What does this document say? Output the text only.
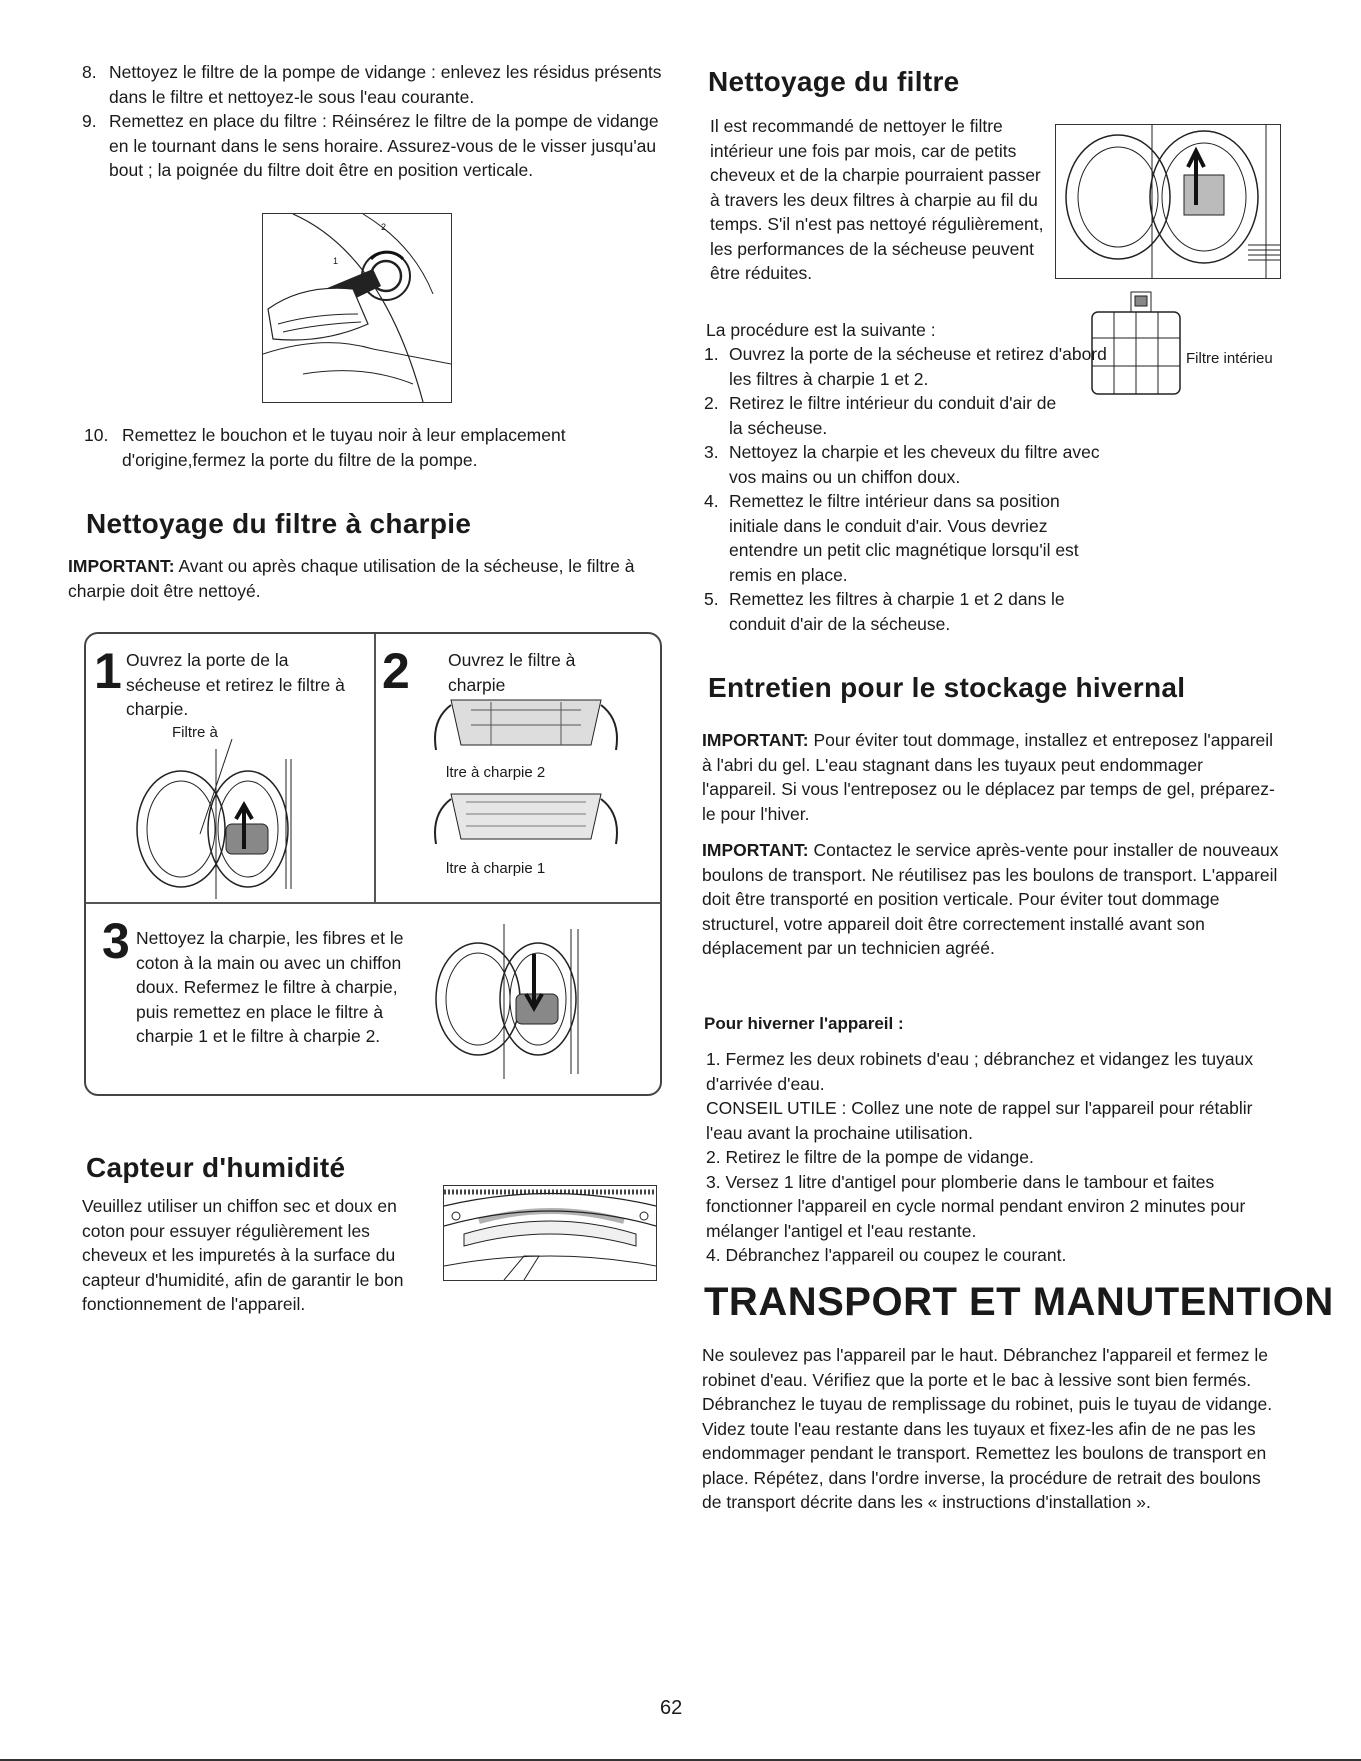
8. Nettoyez le filtre de la pompe de vidange : enlevez les résidus présents dans le filtre et nettoyez-le sous l'eau courante.
9. Remettez en place du filtre : Réinsérez le filtre de la pompe de vidange en le tournant dans le sens horaire. Assurez-vous de le visser jusqu'au bout ; la poignée du filtre doit être en position verticale.
2
1
10. Remettez le bouchon et le tuyau noir à leur emplacement d'origine,fermez la porte du filtre de la pompe.
Nettoyage du filtre à charpie

IMPORTANT: Avant ou après chaque utilisation de la sécheuse, le filtre à charpie doit être nettoyé.

1 Ouvrez la porte de la sécheuse et retirez le filtre à charpie.

Filtre à
2 Ouvrez le filtre à charpie

ltre à charpie 2
ltre à charpie 1
3 Nettoyez la charpie, les fibres et le coton à la main ou avec un chiffon doux. Refermez le filtre à charpie, puis remettez en place le filtre à charpie 1 et le filtre à charpie 2.

Capteur d'humidité

Veuillez utiliser un chiffon sec et doux en coton pour essuyer régulièrement les cheveux et les impuretés à la surface du capteur d'humidité, afin de garantir le bon fonctionnement de l'appareil.

Nettoyage du filtre

Il est recommandé de nettoyer le filtre intérieur une fois par mois, car de petits cheveux et de la charpie pourraient passer à travers les deux filtres à charpie au fil du temps. S'il n'est pas nettoyé régulièrement, les performances de la sécheuse peuvent être réduites.

Filtre intérieu

La procédure est la suivante :

1. Ouvrez la porte de la sécheuse et retirez d'abord les filtres à charpie 1 et 2.
2. Retirez le filtre intérieur du conduit d'air de la sécheuse.
3. Nettoyez la charpie et les cheveux du filtre avec vos mains ou un chiffon doux.
4. Remettez le filtre intérieur dans sa position initiale dans le conduit d'air. Vous devriez entendre un petit clic magnétique lorsqu'il est remis en place.
5. Remettez les filtres à charpie 1 et 2 dans le conduit d'air de la sécheuse.
Entretien pour le stockage hivernal

IMPORTANT: Pour éviter tout dommage, installez et entreposez l'appareil à l'abri du gel. L'eau stagnant dans les tuyaux peut endommager l'appareil. Si vous l'entreposez ou le déplacez par temps de gel, préparez-le pour l'hiver.

IMPORTANT: Contactez le service après-vente pour installer de nouveaux boulons de transport. Ne réutilisez pas les boulons de transport. L'appareil doit être transporté en position verticale. Pour éviter tout dommage structurel, votre appareil doit être correctement installé avant son déplacement par un technicien agréé.

Pour hiverner l'appareil :

1. Fermez les deux robinets d'eau ; débranchez et vidangez les tuyaux d'arrivée d'eau.

CONSEIL UTILE : Collez une note de rappel sur l'appareil pour rétablir l'eau avant la prochaine utilisation.

2. Retirez le filtre de la pompe de vidange.

3. Versez 1 litre d'antigel pour plomberie dans le tambour et faites fonctionner l'appareil en cycle normal pendant environ 2 minutes pour mélanger l'antigel et l'eau restante.

4. Débranchez l'appareil ou coupez le courant.

TRANSPORT ET MANUTENTION

Ne soulevez pas l'appareil par le haut. Débranchez l'appareil et fermez le robinet d'eau. Vérifiez que la porte et le bac à lessive sont bien fermés. Débranchez le tuyau de remplissage du robinet, puis le tuyau de vidange. Videz toute l'eau restante dans les tuyaux et fixez-les afin de ne pas les endommager pendant le transport. Remettez les boulons de transport en place. Répétez, dans l'ordre inverse, la procédure de retrait des boulons de transport décrite dans les « instructions d'installation ».

62
